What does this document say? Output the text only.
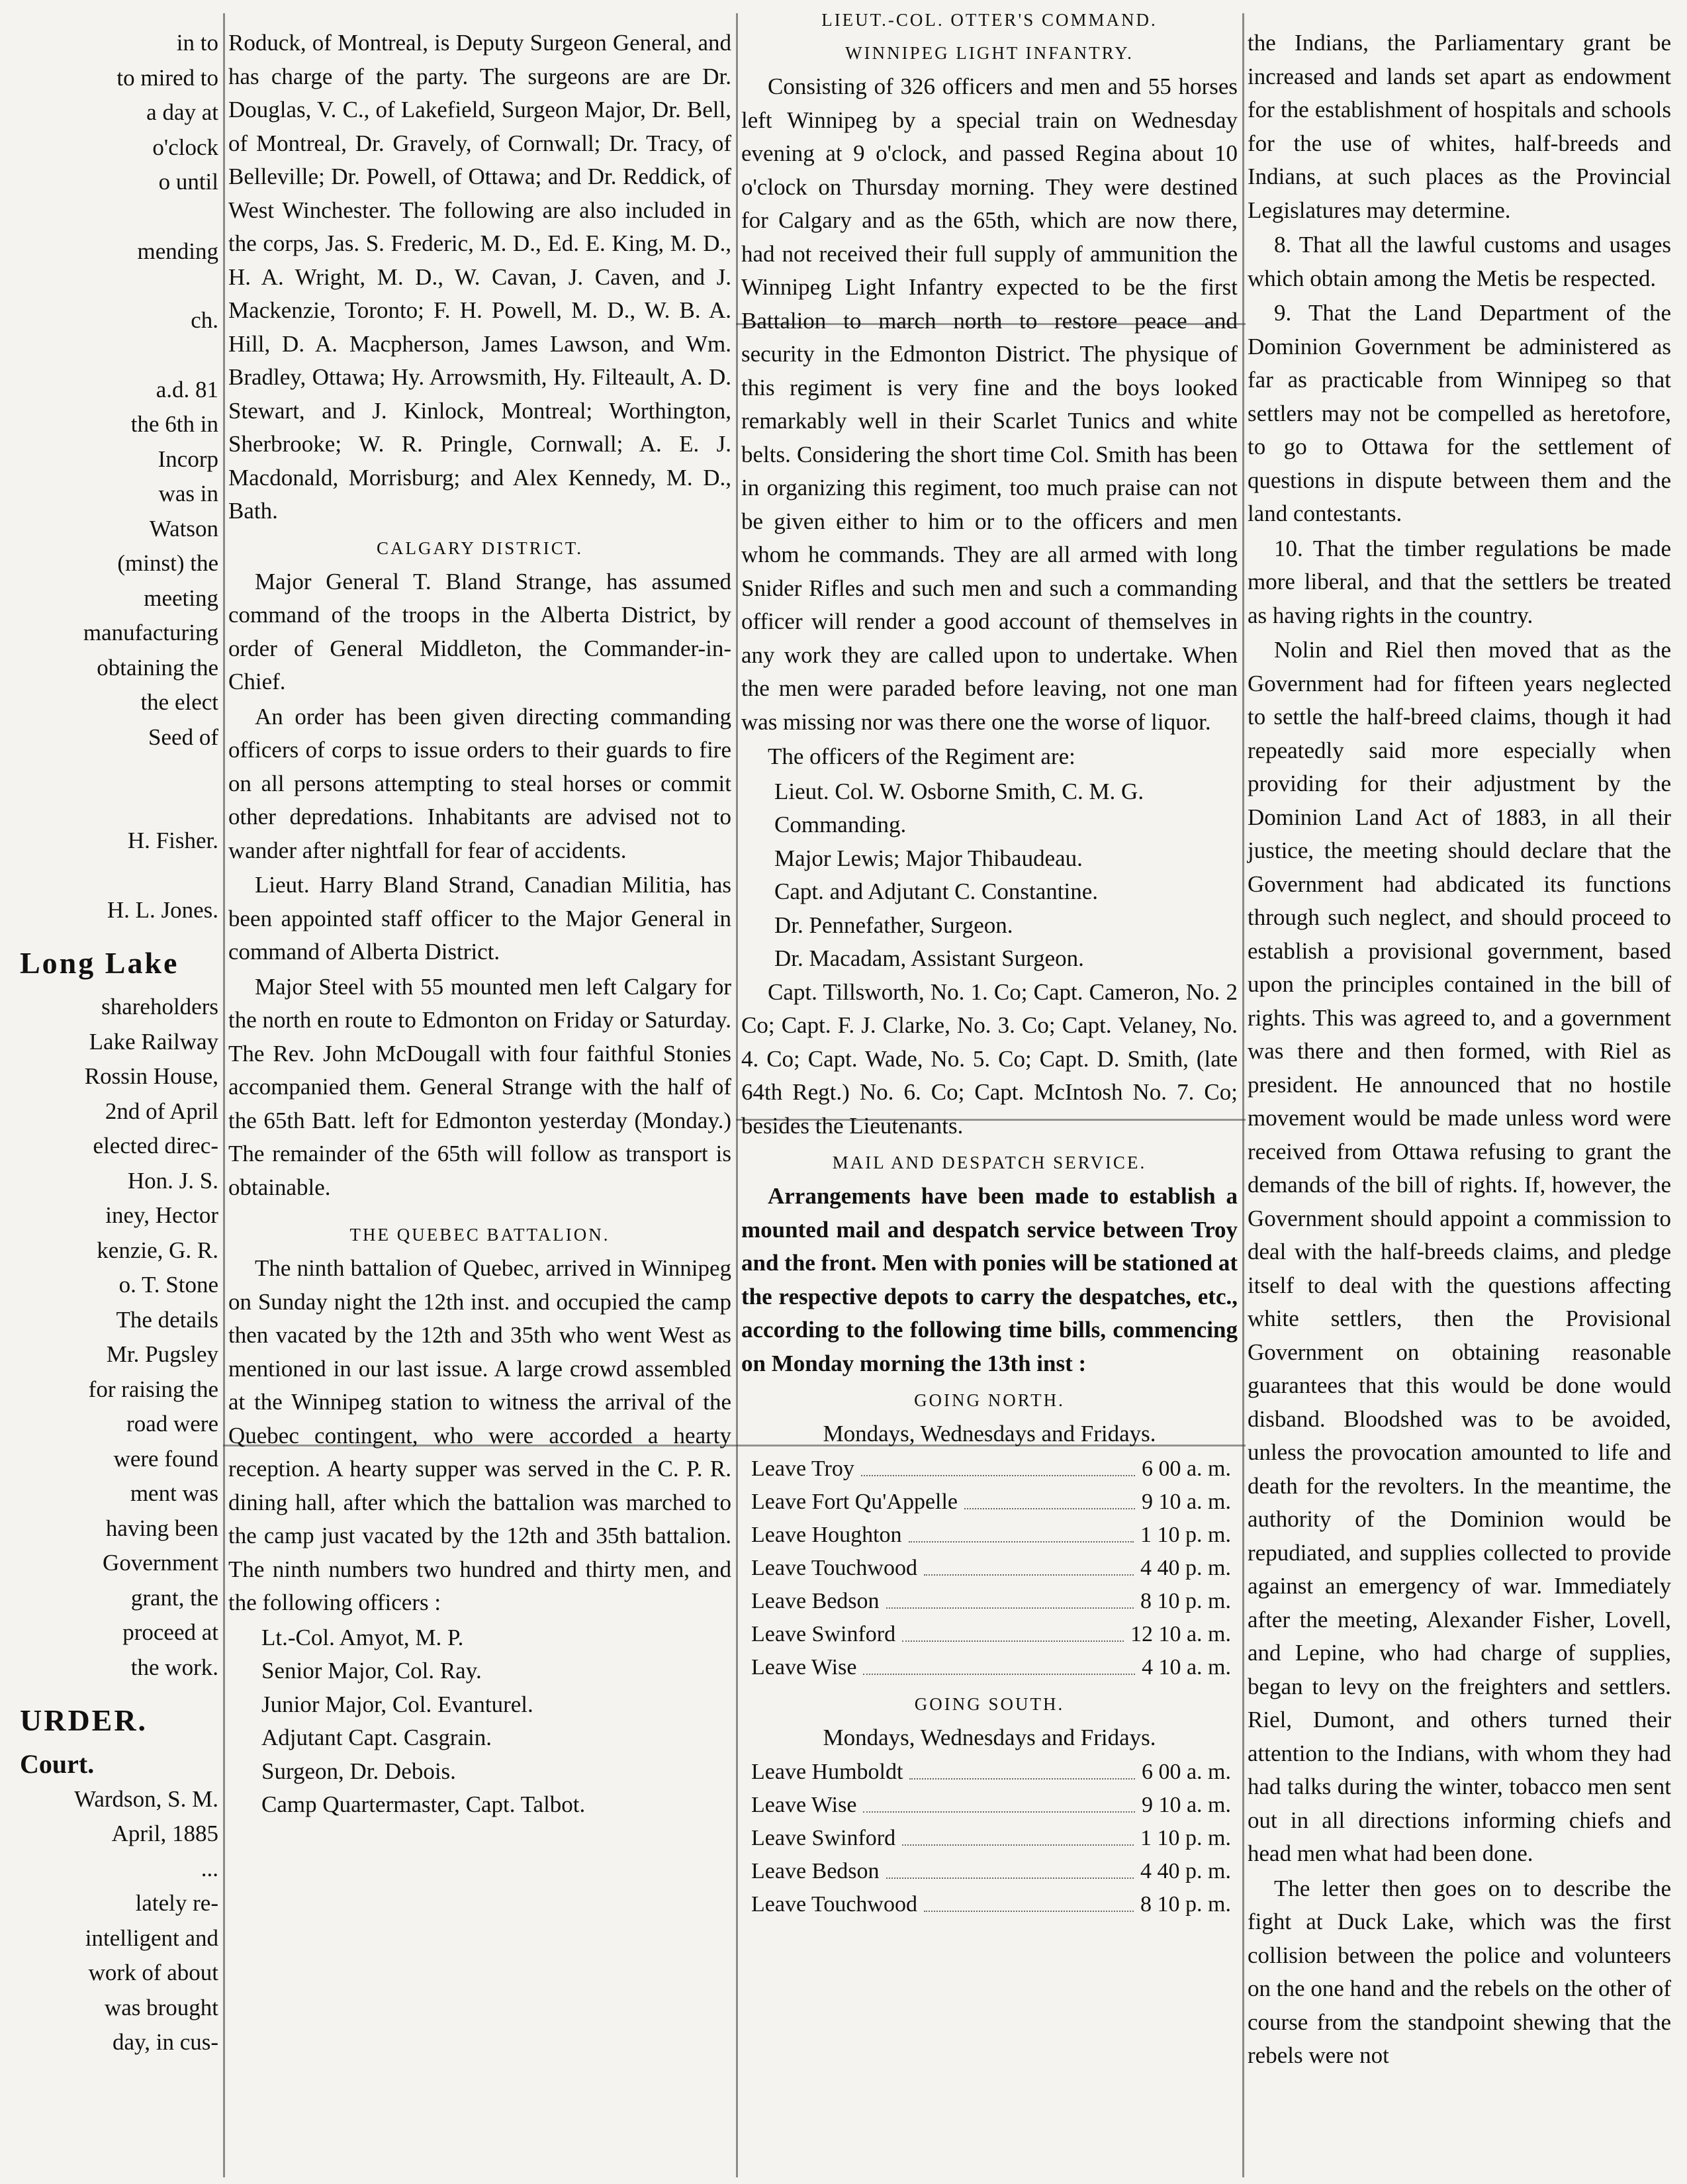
in to

to mired to

a day at

o'clock

o until

mending

ch.

a.d. 81

the 6th in

Incorp

was in

Watson

(minst) the

meeting

manufacturing

obtaining the

the elect

Seed of

H. Fisher.

H. L. Jones.

Long Lake

shareholders

Lake Railway

Rossin House,

2nd of April

elected direc-

Hon. J. S.

iney, Hector

kenzie, G. R.

o. T. Stone

The details

Mr. Pugsley

for raising the

road were

were found

ment was

having been

Government

grant, the

proceed at

the work.

URDER.

Court.

Wardson, S. M.

April, 1885

...

lately re-

intelligent and

work of about

was brought

day, in cus-

Roduck, of Montreal, is Deputy Surgeon General, and has charge of the party. The surgeons are are Dr. Douglas, V. C., of Lakefield, Surgeon Major, Dr. Bell, of Montreal, Dr. Gravely, of Cornwall; Dr. Tracy, of Belleville; Dr. Powell, of Ottawa; and Dr. Reddick, of West Winchester. The following are also included in the corps, Jas. S. Frederic, M. D., Ed. E. King, M. D., H. A. Wright, M. D., W. Cavan, J. Caven, and J. Mackenzie, Toronto; F. H. Powell, M. D., W. B. A. Hill, D. A. Macpherson, James Lawson, and Wm. Bradley, Ottawa; Hy. Arrowsmith, Hy. Filteault, A. D. Stewart, and J. Kinlock, Montreal; Worthington, Sherbrooke; W. R. Pringle, Cornwall; A. E. J. Macdonald, Morrisburg; and Alex Kennedy, M. D., Bath.

CALGARY DISTRICT.

Major General T. Bland Strange, has assumed command of the troops in the Alberta District, by order of General Middleton, the Commander-in-Chief.

An order has been given directing commanding officers of corps to issue orders to their guards to fire on all persons attempting to steal horses or commit other depredations. Inhabitants are advised not to wander after nightfall for fear of accidents.

Lieut. Harry Bland Strand, Canadian Militia, has been appointed staff officer to the Major General in command of Alberta District.

Major Steel with 55 mounted men left Calgary for the north en route to Edmonton on Friday or Saturday. The Rev. John McDougall with four faithful Stonies accompanied them. General Strange with the half of the 65th Batt. left for Edmonton yesterday (Monday.) The remainder of the 65th will follow as transport is obtainable.

THE QUEBEC BATTALION.

The ninth battalion of Quebec, arrived in Winnipeg on Sunday night the 12th inst. and occupied the camp then vacated by the 12th and 35th who went West as mentioned in our last issue. A large crowd assembled at the Winnipeg station to witness the arrival of the Quebec contingent, who were accorded a hearty reception. A hearty supper was served in the C. P. R. dining hall, after which the battalion was marched to the camp just vacated by the 12th and 35th battalion. The ninth numbers two hundred and thirty men, and the following officers :

Lt.-Col. Amyot, M. P.

Senior Major, Col. Ray.

Junior Major, Col. Evanturel.

Adjutant Capt. Casgrain.

Surgeon, Dr. Debois.

Camp Quartermaster, Capt. Talbot.

LIEUT.-COL. OTTER'S COMMAND.
WINNIPEG LIGHT INFANTRY.

Consisting of 326 officers and men and 55 horses left Winnipeg by a special train on Wednesday evening at 9 o'clock, and passed Regina about 10 o'clock on Thursday morning. They were destined for Calgary and as the 65th, which are now there, had not received their full supply of ammunition the Winnipeg Light Infantry expected to be the first Battalion to march north to restore peace and security in the Edmonton District. The physique of this regiment is very fine and the boys looked remarkably well in their Scarlet Tunics and white belts. Considering the short time Col. Smith has been in organizing this regiment, too much praise can not be given either to him or to the officers and men whom he commands. They are all armed with long Snider Rifles and such men and such a commanding officer will render a good account of themselves in any work they are called upon to undertake. When the men were paraded before leaving, not one man was missing nor was there one the worse of liquor.

The officers of the Regiment are:

Lieut. Col. W. Osborne Smith, C. M. G. Commanding.

Major Lewis; Major Thibaudeau.

Capt. and Adjutant C. Constantine.

Dr. Pennefather, Surgeon.

Dr. Macadam, Assistant Surgeon.

Capt. Tillsworth, No. 1. Co; Capt. Cameron, No. 2 Co; Capt. F. J. Clarke, No. 3. Co; Capt. Velaney, No. 4. Co; Capt. Wade, No. 5. Co; Capt. D. Smith, (late 64th Regt.) No. 6. Co; Capt. McIntosh No. 7. Co; besides the Lieutenants.

MAIL AND DESPATCH SERVICE.

Arrangements have been made to establish a mounted mail and despatch service between Troy and the front. Men with ponies will be stationed at the respective depots to carry the despatches, etc., according to the following time bills, commencing on Monday morning the 13th inst :

GOING NORTH.

Mondays, Wednesdays and Fridays.

Leave Troy	6 00 a. m.
Leave Fort Qu'Appelle	9 10 a. m.
Leave Houghton	1 10 p. m.
Leave Touchwood	4 40 p. m.
Leave Bedson	8 10 p. m.
Leave Swinford	12 10 a. m.
Leave Wise	4 10 a. m.
GOING SOUTH.

Mondays, Wednesdays and Fridays.

Leave Humboldt	6 00 a. m.
Leave Wise	9 10 a. m.
Leave Swinford	1 10 p. m.
Leave Bedson	4 40 p. m.
Leave Touchwood	8 10 p. m.

the Indians, the Parliamentary grant be increased and lands set apart as endowment for the establishment of hospitals and schools for the use of whites, half-breeds and Indians, at such places as the Provincial Legislatures may determine.

8. That all the lawful customs and usages which obtain among the Metis be respected.

9. That the Land Department of the Dominion Government be administered as far as practicable from Winnipeg so that settlers may not be compelled as heretofore, to go to Ottawa for the settlement of questions in dispute between them and the land contestants.

10. That the timber regulations be made more liberal, and that the settlers be treated as having rights in the country.

Nolin and Riel then moved that as the Government had for fifteen years neglected to settle the half-breed claims, though it had repeatedly said more especially when providing for their adjustment by the Dominion Land Act of 1883, in all their justice, the meeting should declare that the Government had abdicated its functions through such neglect, and should proceed to establish a provisional government, based upon the principles contained in the bill of rights. This was agreed to, and a government was there and then formed, with Riel as president. He announced that no hostile movement would be made unless word were received from Ottawa refusing to grant the demands of the bill of rights. If, however, the Government should appoint a commission to deal with the half-breeds claims, and pledge itself to deal with the questions affecting white settlers, then the Provisional Government on obtaining reasonable guarantees that this would be done would disband. Bloodshed was to be avoided, unless the provocation amounted to life and death for the revolters. In the meantime, the authority of the Dominion would be repudiated, and supplies collected to provide against an emergency of war. Immediately after the meeting, Alexander Fisher, Lovell, and Lepine, who had charge of supplies, began to levy on the freighters and settlers. Riel, Dumont, and others turned their attention to the Indians, with whom they had had talks during the winter, tobacco men sent out in all directions informing chiefs and head men what had been done.

The letter then goes on to describe the fight at Duck Lake, which was the first collision between the police and volunteers on the one hand and the rebels on the other of course from the standpoint shewing that the rebels were not
